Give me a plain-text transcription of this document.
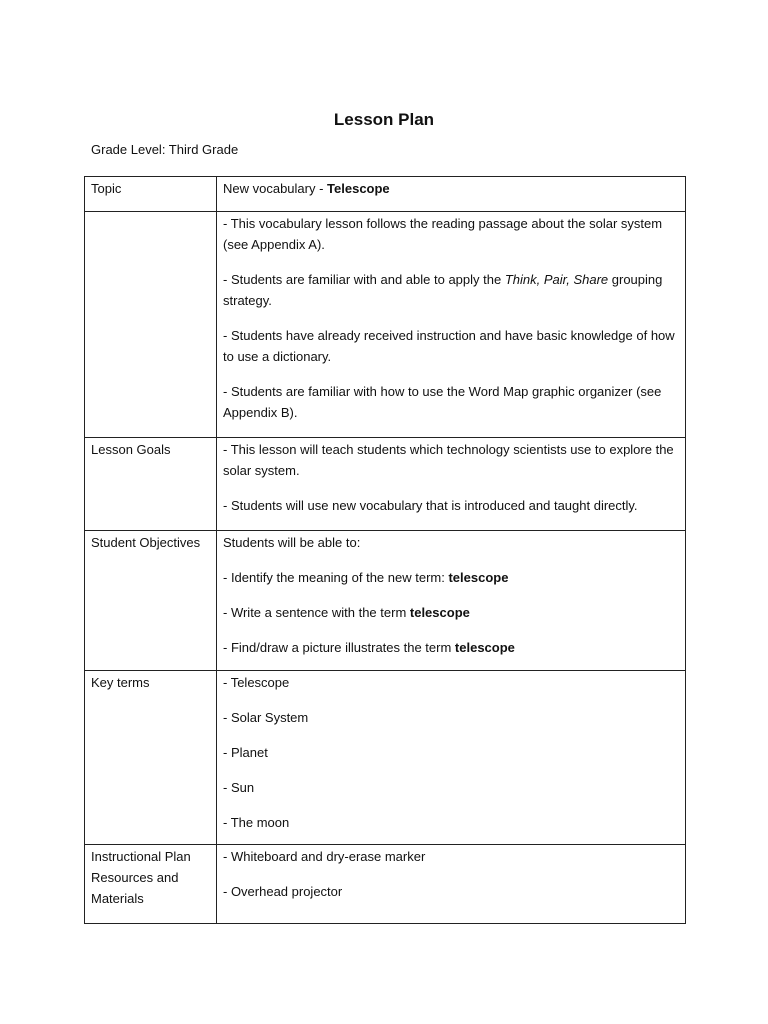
Lesson Plan

Grade Level: Third Grade

Topic	New vocabulary - Telescope

	- This vocabulary lesson follows the reading passage about the solar system (see Appendix A).

- Students are familiar with and able to apply the Think, Pair, Share grouping strategy.

- Students have already received instruction and have basic knowledge of how to use a dictionary.

- Students are familiar with how to use the Word Map graphic organizer (see Appendix B).

Lesson Goals	- This lesson will teach students which technology scientists use to explore the solar system.

- Students will use new vocabulary that is introduced and taught directly.

Student Objectives	Students will be able to:

- Identify the meaning of the new term: telescope

- Write a sentence with the term telescope

- Find/draw a picture illustrates the term telescope

Key terms	- Telescope

- Solar System

- Planet

- Sun

- The moon

Instructional Plan Resources and Materials	- Whiteboard and dry-erase marker

- Overhead projector
